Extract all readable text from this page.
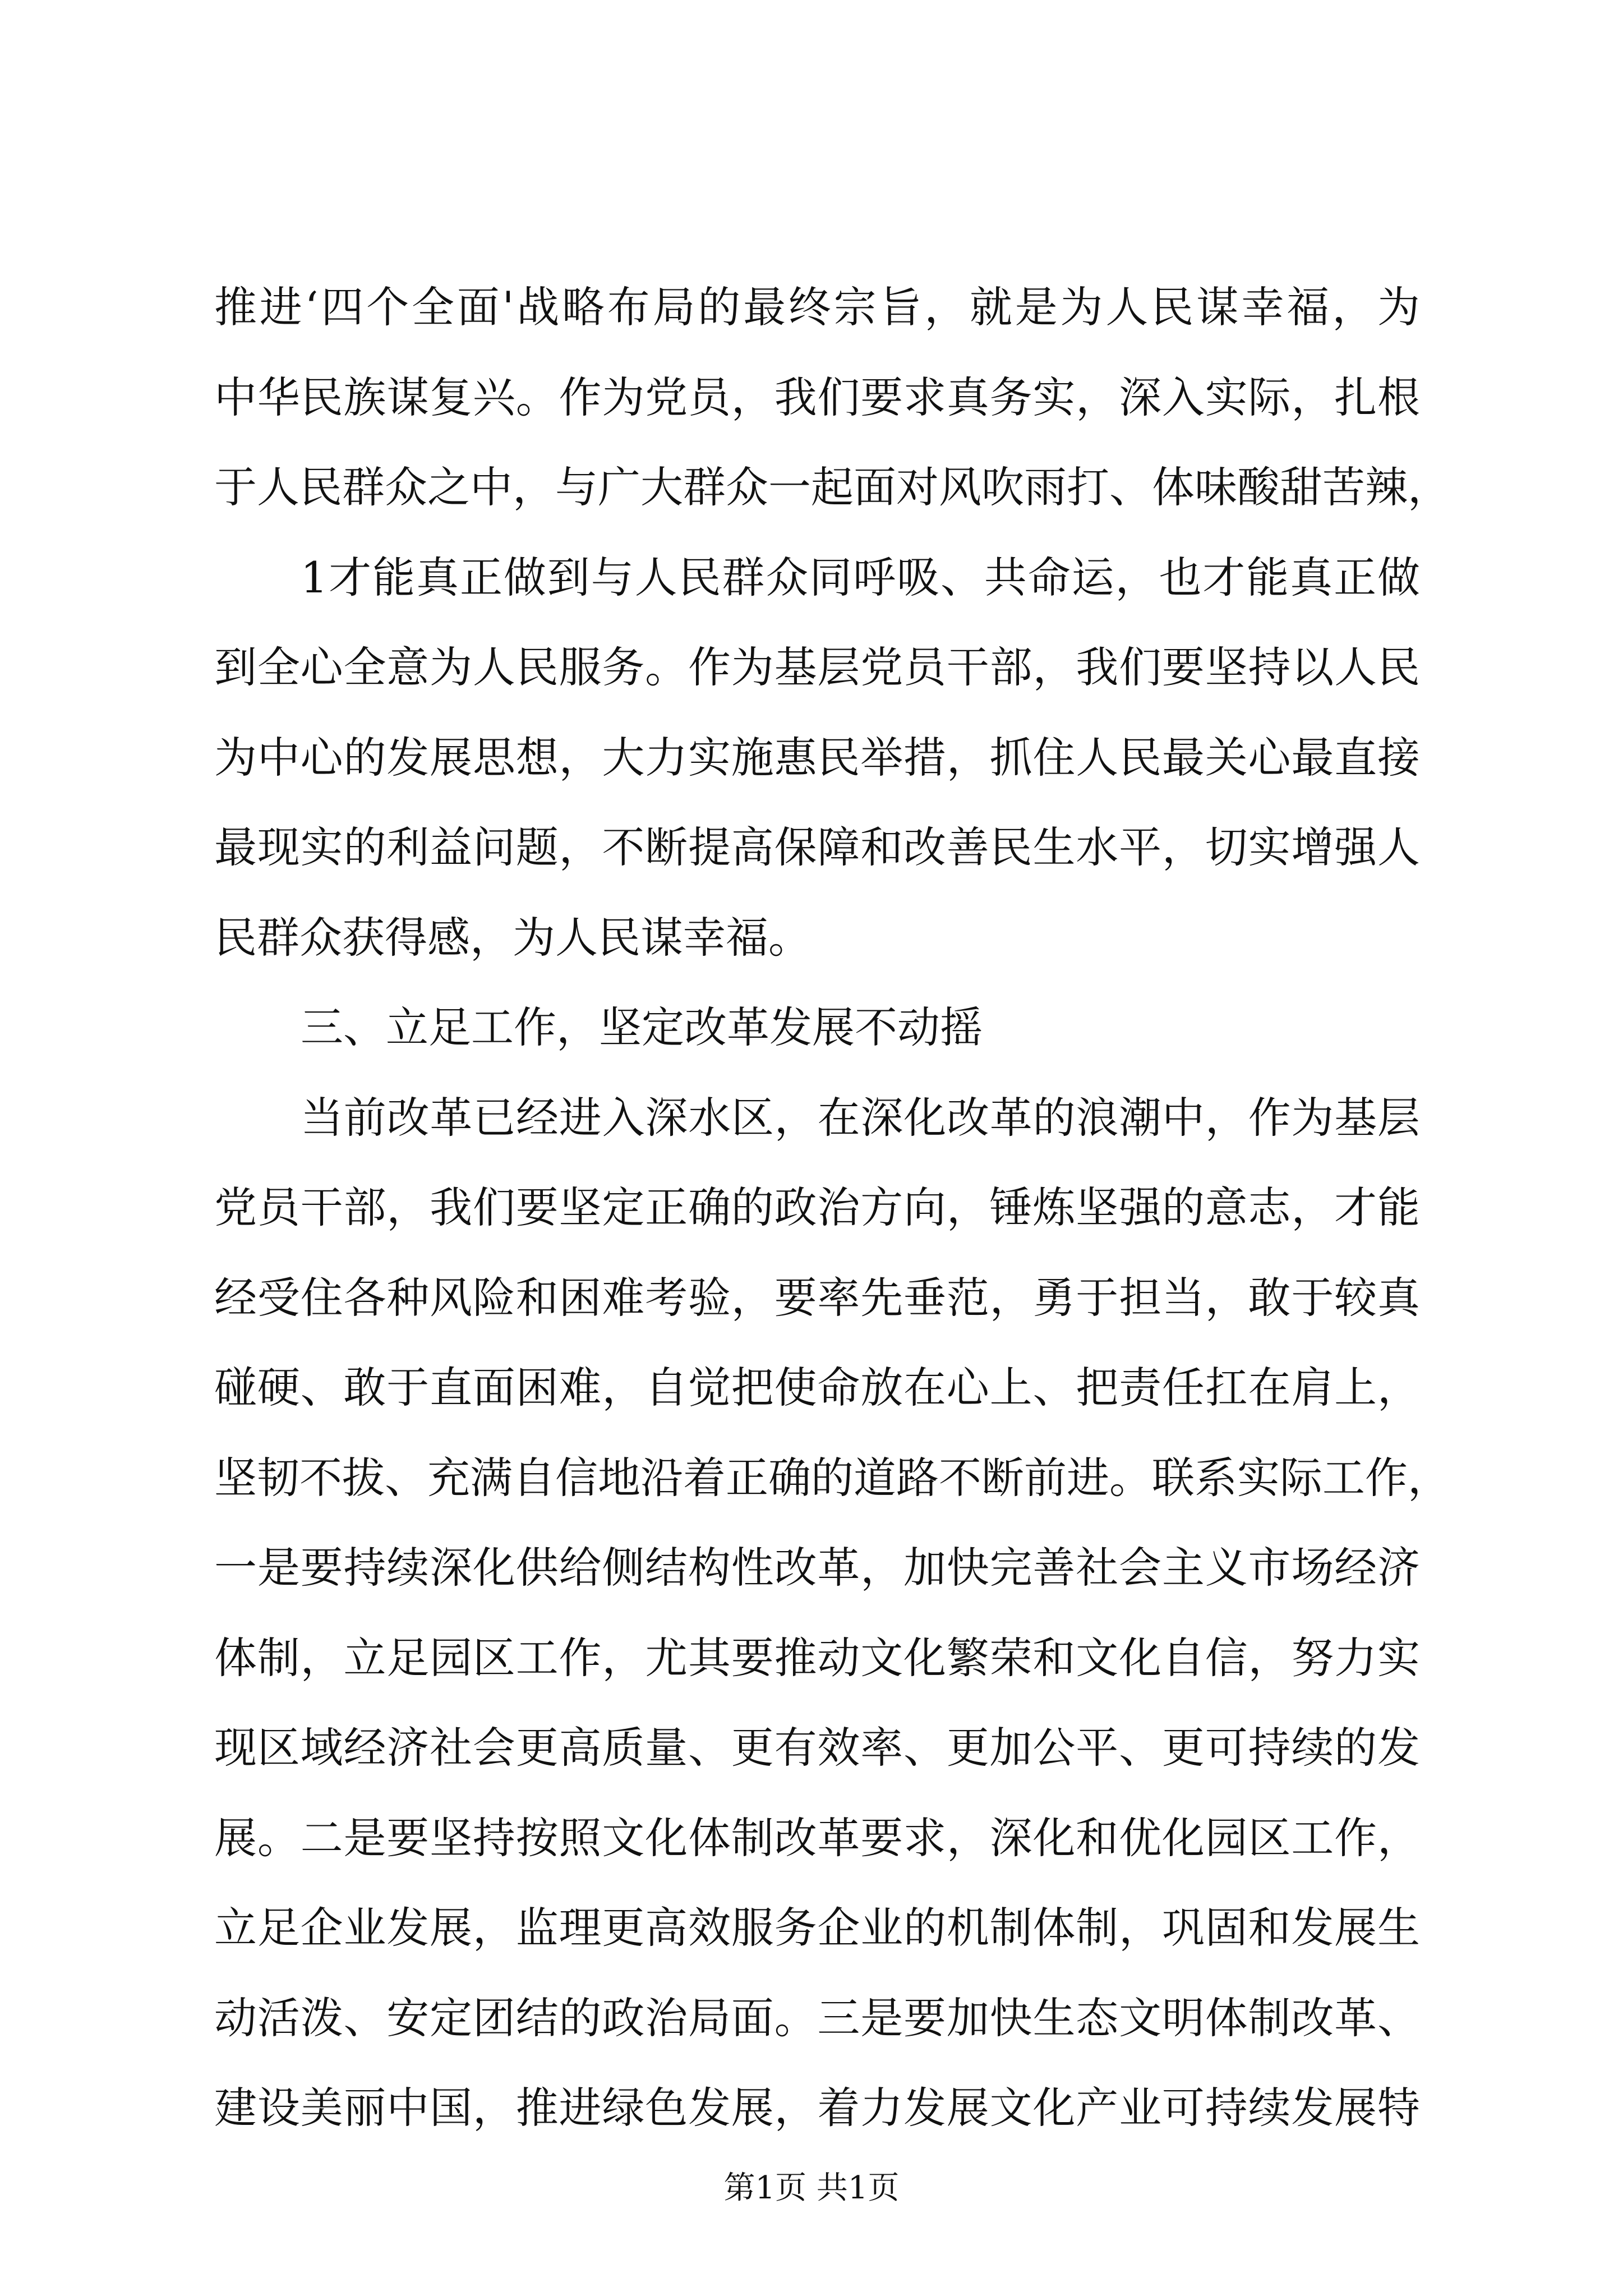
推进‘四个全面'战略布局的最终宗旨，就是为人民谋幸福，为
中华民族谋复兴。作为党员，我们要求真务实，深入实际，扎根
于人民群众之中，与广大群众一起面对风吹雨打、体味酸甜苦辣，
1才能真正做到与人民群众同呼吸、共命运，也才能真正做
到全心全意为人民服务。作为基层党员干部，我们要坚持以人民
为中心的发展思想，大力实施惠民举措，抓住人民最关心最直接
最现实的利益问题，不断提高保障和改善民生水平，切实增强人
民群众获得感，为人民谋幸福。
三、立足工作，坚定改革发展不动摇
当前改革已经进入深水区，在深化改革的浪潮中，作为基层
党员干部，我们要坚定正确的政治方向，锤炼坚强的意志，才能
经受住各种风险和困难考验，要率先垂范，勇于担当，敢于较真
碰硬、敢于直面困难，自觉把使命放在心上、把责任扛在肩上，
坚韧不拔、充满自信地沿着正确的道路不断前进。联系实际工作，
一是要持续深化供给侧结构性改革，加快完善社会主义市场经济
体制，立足园区工作，尤其要推动文化繁荣和文化自信，努力实
现区域经济社会更高质量、更有效率、更加公平、更可持续的发
展。二是要坚持按照文化体制改革要求，深化和优化园区工作，
立足企业发展，监理更高效服务企业的机制体制，巩固和发展生
动活泼、安定团结的政治局面。三是要加快生态文明体制改革、
建设美丽中国，推进绿色发展，着力发展文化产业可持续发展特
第1页 共1页
